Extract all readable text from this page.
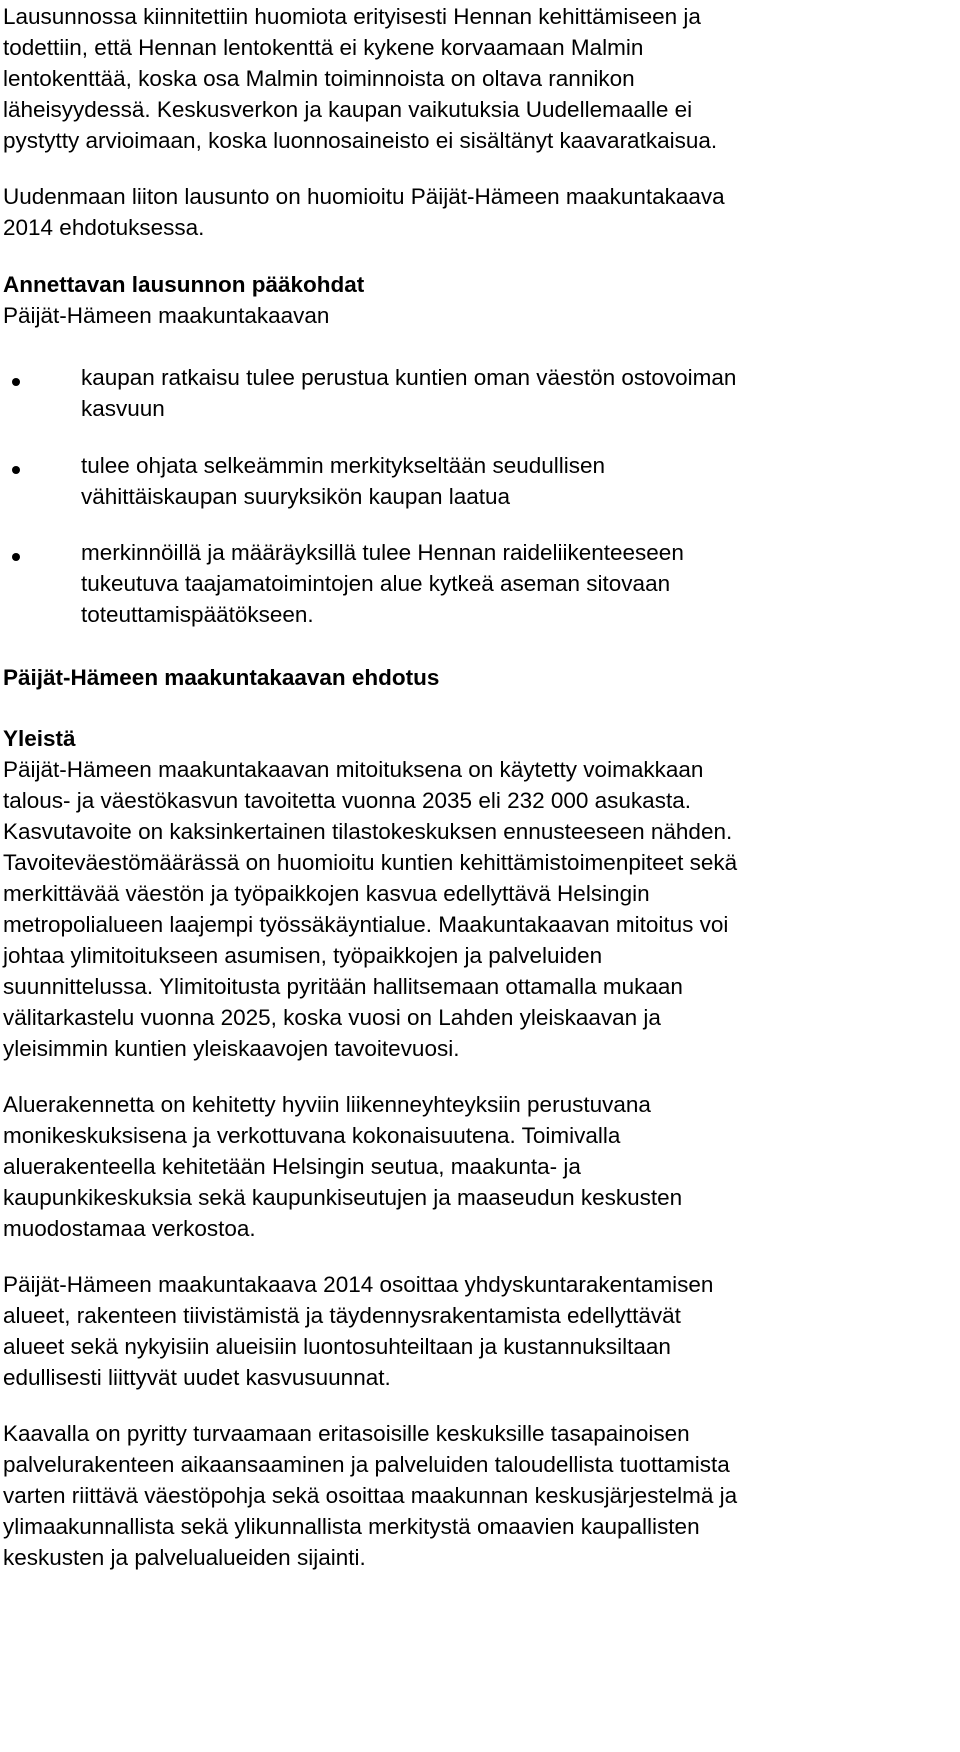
Lausunnossa kiinnitettiin huomiota erityisesti Hennan kehittämiseen ja
todettiin, että Hennan lentokenttä ei kykene korvaamaan Malmin
lentokenttää, koska osa Malmin toiminnoista on oltava rannikon
läheisyydessä. Keskusverkon ja kaupan vaikutuksia Uudellemaalle ei
pystytty arvioimaan, koska luonnosaineisto ei sisältänyt kaavaratkaisua.
Uudenmaan liiton lausunto on huomioitu Päijät-Hämeen maakuntakaava
2014 ehdotuksessa.
Annettavan lausunnon pääkohdat
Päijät-Hämeen maakuntakaavan
kaupan ratkaisu tulee perustua kuntien oman väestön ostovoiman
kasvuun
tulee ohjata selkeämmin merkitykseltään seudullisen
vähittäiskaupan suuryksikön kaupan laatua
merkinnöillä ja määräyksillä tulee Hennan raideliikenteeseen
tukeutuva taajamatoimintojen alue kytkeä aseman sitovaan
toteuttamispäätökseen.
Päijät-Hämeen maakuntakaavan ehdotus
Yleistä
Päijät-Hämeen maakuntakaavan mitoituksena on käytetty voimakkaan
talous- ja väestökasvun tavoitetta vuonna 2035 eli 232 000 asukasta.
Kasvutavoite on kaksinkertainen tilastokeskuksen ennusteeseen nähden.
Tavoiteväestömäärässä on huomioitu kuntien kehittämistoimenpiteet sekä
merkittävää väestön ja työpaikkojen kasvua edellyttävä Helsingin
metropolialueen laajempi työssäkäyntialue. Maakuntakaavan mitoitus voi
johtaa ylimitoitukseen asumisen, työpaikkojen ja palveluiden
suunnittelussa. Ylimitoitusta pyritään hallitsemaan ottamalla mukaan
välitarkastelu vuonna 2025, koska vuosi on Lahden yleiskaavan ja
yleisimmin kuntien yleiskaavojen tavoitevuosi.
Aluerakennetta on kehitetty hyviin liikenneyhteyksiin perustuvana
monikeskuksisena ja verkottuvana kokonaisuutena. Toimivalla
aluerakenteella kehitetään Helsingin seutua, maakunta- ja
kaupunkikeskuksia sekä kaupunkiseutujen ja maaseudun keskusten
muodostamaa verkostoa.
Päijät-Hämeen maakuntakaava 2014 osoittaa yhdyskuntarakentamisen
alueet, rakenteen tiivistämistä ja täydennysrakentamista edellyttävät
alueet sekä nykyisiin alueisiin luontosuhteiltaan ja kustannuksiltaan
edullisesti liittyvät uudet kasvusuunnat.
Kaavalla on pyritty turvaamaan eritasoisille keskuksille tasapainoisen
palvelurakenteen aikaansaaminen ja palveluiden taloudellista tuottamista
varten riittävä väestöpohja sekä osoittaa maakunnan keskusjärjestelmä ja
ylimaakunnallista sekä ylikunnallista merkitystä omaavien kaupallisten
keskusten ja palvelualueiden sijainti.
